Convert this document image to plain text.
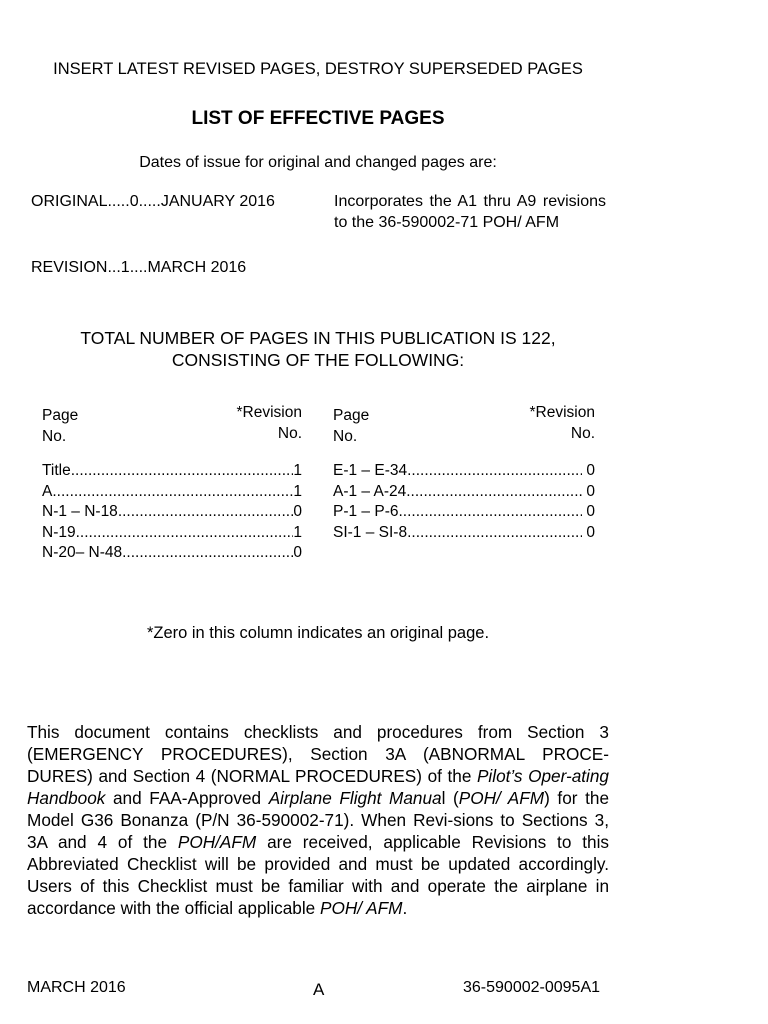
INSERT LATEST REVISED PAGES, DESTROY SUPERSEDED PAGES
LIST OF EFFECTIVE PAGES
Dates of issue for original and changed pages are:
ORIGINAL.....0.....JANUARY 2016	Incorporates the A1 thru A9 revisions to the 36-590002-71 POH/ AFM
REVISION...1....MARCH 2016
TOTAL NUMBER OF PAGES IN THIS PUBLICATION IS 122,
CONSISTING OF THE FOLLOWING:
Page
No.
*Revision
No.
Title .....	1
A .....	1
N-1 – N-18 .....	0
N-19 .....	1
N-20– N-48 .....	0
Page
No.
*Revision
No.
E-1 – E-34 .....	0
A-1 – A-24 .....	0
P-1 – P-6 .....	0
SI-1 – SI-8 .....	0
*Zero in this column indicates an original page.
This document contains checklists and procedures from Section 3 (EMERGENCY PROCEDURES), Section 3A (ABNORMAL PROCE-DURES) and Section 4 (NORMAL PROCEDURES) of the Pilot’s Oper-ating Handbook and FAA-Approved Airplane Flight Manual (POH/ AFM) for the Model G36 Bonanza (P/N 36-590002-71). When Revi-sions to Sections 3, 3A and 4 of the POH/AFM are received, applicable Revisions to this Abbreviated Checklist will be provided and must be updated accordingly. Users of this Checklist must be familiar with and operate the airplane in accordance with the official applicable POH/ AFM.
MARCH 2016	A	36-590002-0095A1
